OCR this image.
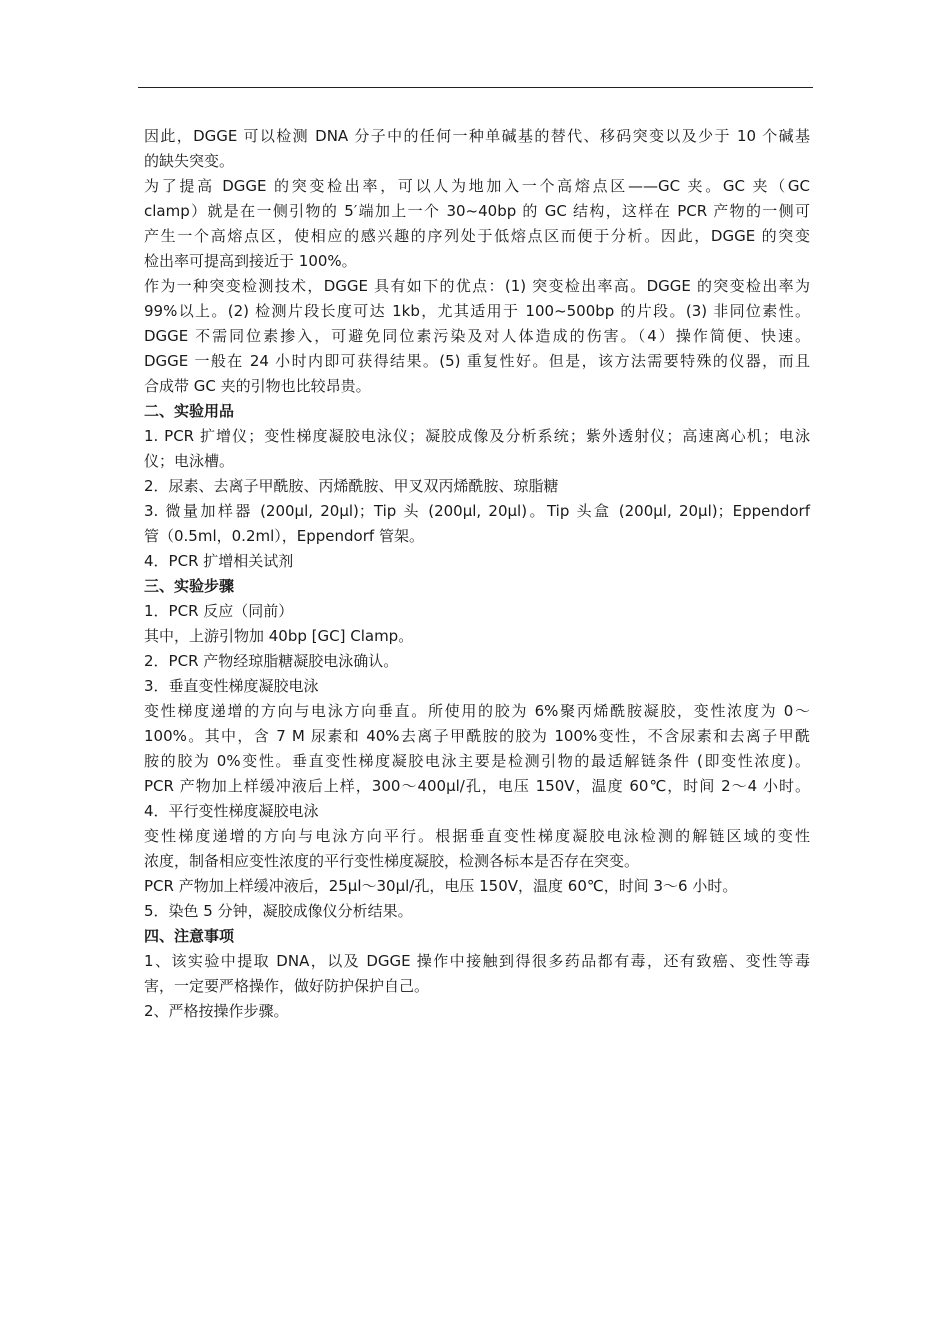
因此，DGGE 可以检测 DNA 分子中的任何一种单碱基的替代、移码突变以及少于 10 个碱基
的缺失突变。
为了提高 DGGE 的突变检出率，可以人为地加入一个高熔点区——GC 夹。GC 夹（GC
clamp）就是在一侧引物的 5′端加上一个 30~40bp 的 GC 结构，这样在 PCR 产物的一侧可
产生一个高熔点区，使相应的感兴趣的序列处于低熔点区而便于分析。因此，DGGE 的突变
检出率可提高到接近于 100%。
作为一种突变检测技术，DGGE 具有如下的优点：(1) 突变检出率高。DGGE 的突变检出率为
99%以上。(2) 检测片段长度可达 1kb，尤其适用于 100~500bp 的片段。(3) 非同位素性。
DGGE 不需同位素掺入，可避免同位素污染及对人体造成的伤害。（4）操作简便、快速。
DGGE 一般在 24 小时内即可获得结果。(5) 重复性好。但是，该方法需要特殊的仪器，而且
合成带 GC 夹的引物也比较昂贵。
二、实验用品
1. PCR 扩增仪；变性梯度凝胶电泳仪；凝胶成像及分析系统；紫外透射仪；高速离心机；电泳
仪；电泳槽。
2．尿素、去离子甲酰胺、丙烯酰胺、甲叉双丙烯酰胺、琼脂糖
3. 微量加样器 (200μl, 20μl)；Tip 头 (200μl, 20μl)。Tip 头盒 (200μl, 20μl)；Eppendorf
管（0.5ml，0.2ml），Eppendorf 管架。
4．PCR 扩增相关试剂
三、实验步骤
1．PCR 反应（同前）
其中，上游引物加 40bp [GC] Clamp。
2．PCR 产物经琼脂糖凝胶电泳确认。
3．垂直变性梯度凝胶电泳
变性梯度递增的方向与电泳方向垂直。所使用的胶为 6%聚丙烯酰胺凝胶，变性浓度为 0～
100%。其中，含 7 M 尿素和 40%去离子甲酰胺的胶为 100%变性，不含尿素和去离子甲酰
胺的胶为 0%变性。垂直变性梯度凝胶电泳主要是检测引物的最适解链条件 (即变性浓度)。
PCR 产物加上样缓冲液后上样，300～400μl/孔，电压 150V，温度 60℃，时间 2～4 小时。
4．平行变性梯度凝胶电泳
变性梯度递增的方向与电泳方向平行。根据垂直变性梯度凝胶电泳检测的解链区域的变性
浓度，制备相应变性浓度的平行变性梯度凝胶，检测各标本是否存在突变。
PCR 产物加上样缓冲液后，25μl～30μl/孔，电压 150V，温度 60℃，时间 3～6 小时。
5．染色 5 分钟，凝胶成像仪分析结果。
四、注意事项
1、该实验中提取 DNA，以及 DGGE 操作中接触到得很多药品都有毒，还有致癌、变性等毒
害，一定要严格操作，做好防护保护自己。
2、严格按操作步骤。
